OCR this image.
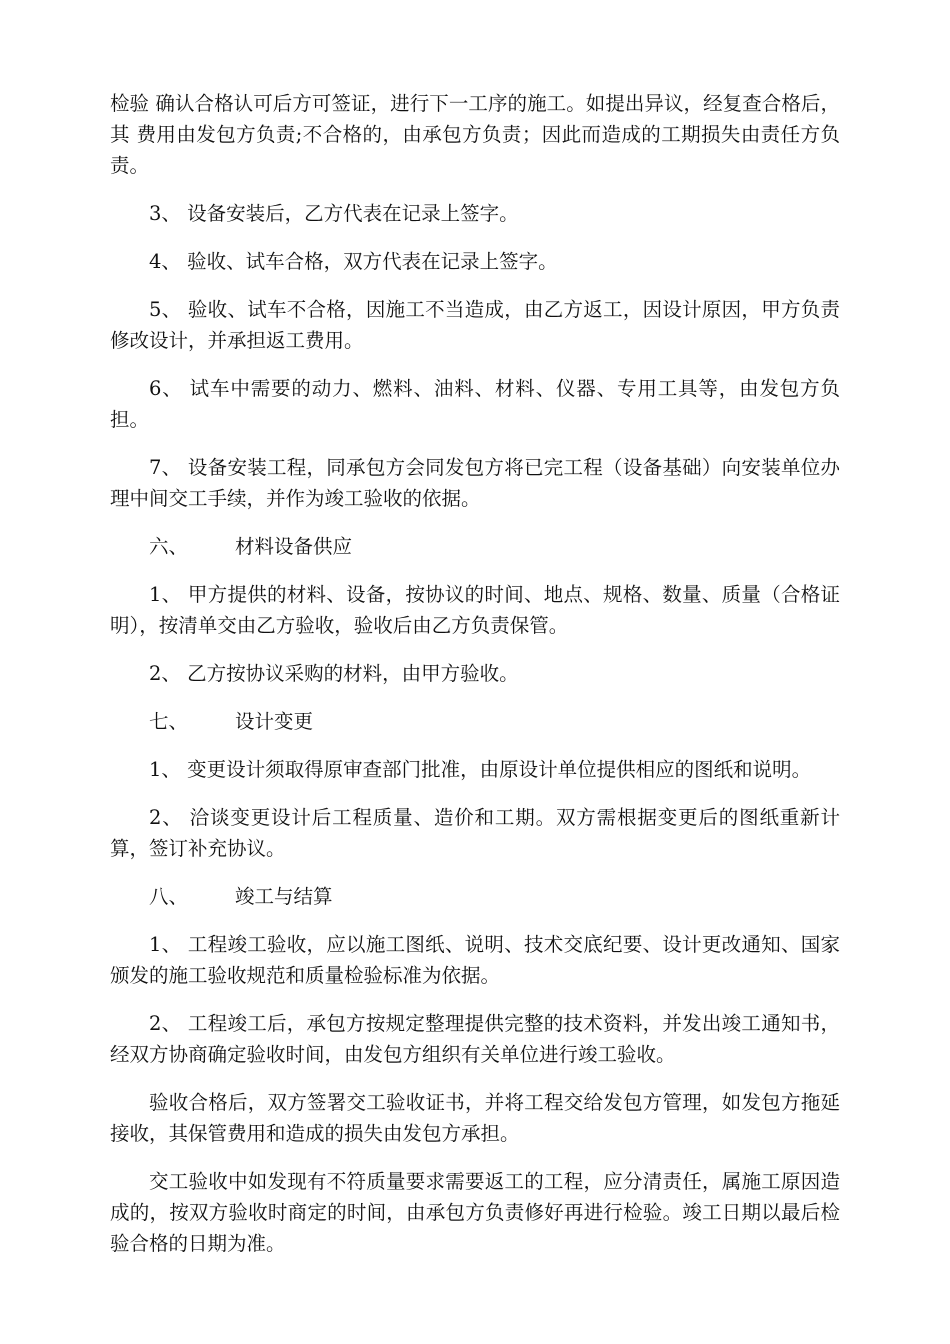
检验 确认合格认可后方可签证，进行下一工序的施工。如提出异议，经复查合格后，其 费用由发包方负责;不合格的，由承包方负责；因此而造成的工期损失由责任方负 责。

3、 设备安装后，乙方代表在记录上签字。

4、 验收、试车合格，双方代表在记录上签字。

5、 验收、试车不合格，因施工不当造成，由乙方返工，因设计原因，甲方负责修改设计，并承担返工费用。

6、 试车中需要的动力、燃料、油料、材料、仪器、专用工具等，由发包方负担。

7、 设备安装工程，同承包方会同发包方将已完工程（设备基础）向安装单位办 理中间交工手续，并作为竣工验收的依据。

六、 材料设备供应

1、 甲方提供的材料、设备，按协议的时间、地点、规格、数量、质量（合格证 明），按清单交由乙方验收，验收后由乙方负责保管。

2、 乙方按协议采购的材料，由甲方验收。

七、 设计变更

1、 变更设计须取得原审查部门批准，由原设计单位提供相应的图纸和说明。

2、 洽谈变更设计后工程质量、造价和工期。双方需根据变更后的图纸重新计算，签订补充协议。

八、 竣工与结算

1、 工程竣工验收，应以施工图纸、说明、技术交底纪要、设计更改通知、国家颁发的施工验收规范和质量检验标准为依据。

2、 工程竣工后，承包方按规定整理提供完整的技术资料，并发出竣工通知书，经双方协商确定验收时间，由发包方组织有关单位进行竣工验收。

验收合格后，双方签署交工验收证书，并将工程交给发包方管理，如发包方拖延接收，其保管费用和造成的损失由发包方承担。

交工验收中如发现有不符质量要求需要返工的工程，应分清责任，属施工原因造成的，按双方验收时商定的时间，由承包方负责修好再进行检验。竣工日期以最后检验合格的日期为准。
